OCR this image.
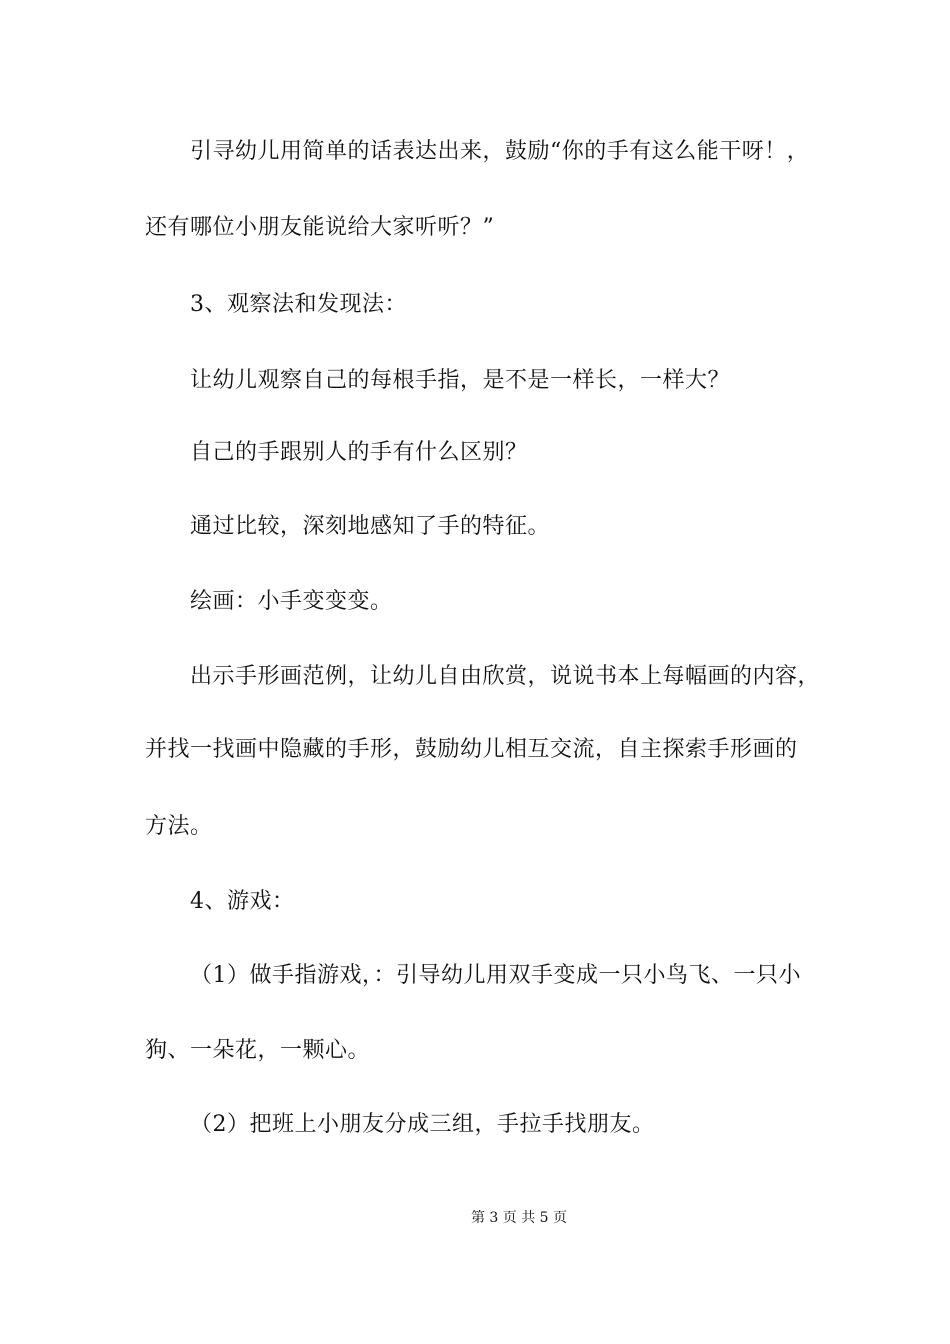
引寻幼儿用简单的话表达出来，鼓励“你的手有这么能干呀！，
还有哪位小朋友能说给大家听听？”
3、观察法和发现法：
让幼儿观察自己的每根手指，是不是一样长，一样大？
自己的手跟别人的手有什么区别？
通过比较，深刻地感知了手的特征。
绘画：小手变变变。
出示手形画范例，让幼儿自由欣赏，说说书本上每幅画的内容，
并找一找画中隐藏的手形，鼓励幼儿相互交流，自主探索手形画的
方法。
4、游戏：
（1）做手指游戏，：引导幼儿用双手变成一只小鸟飞、一只小
狗、一朵花，一颗心。
（2）把班上小朋友分成三组，手拉手找朋友。
第 3 页 共 5 页
